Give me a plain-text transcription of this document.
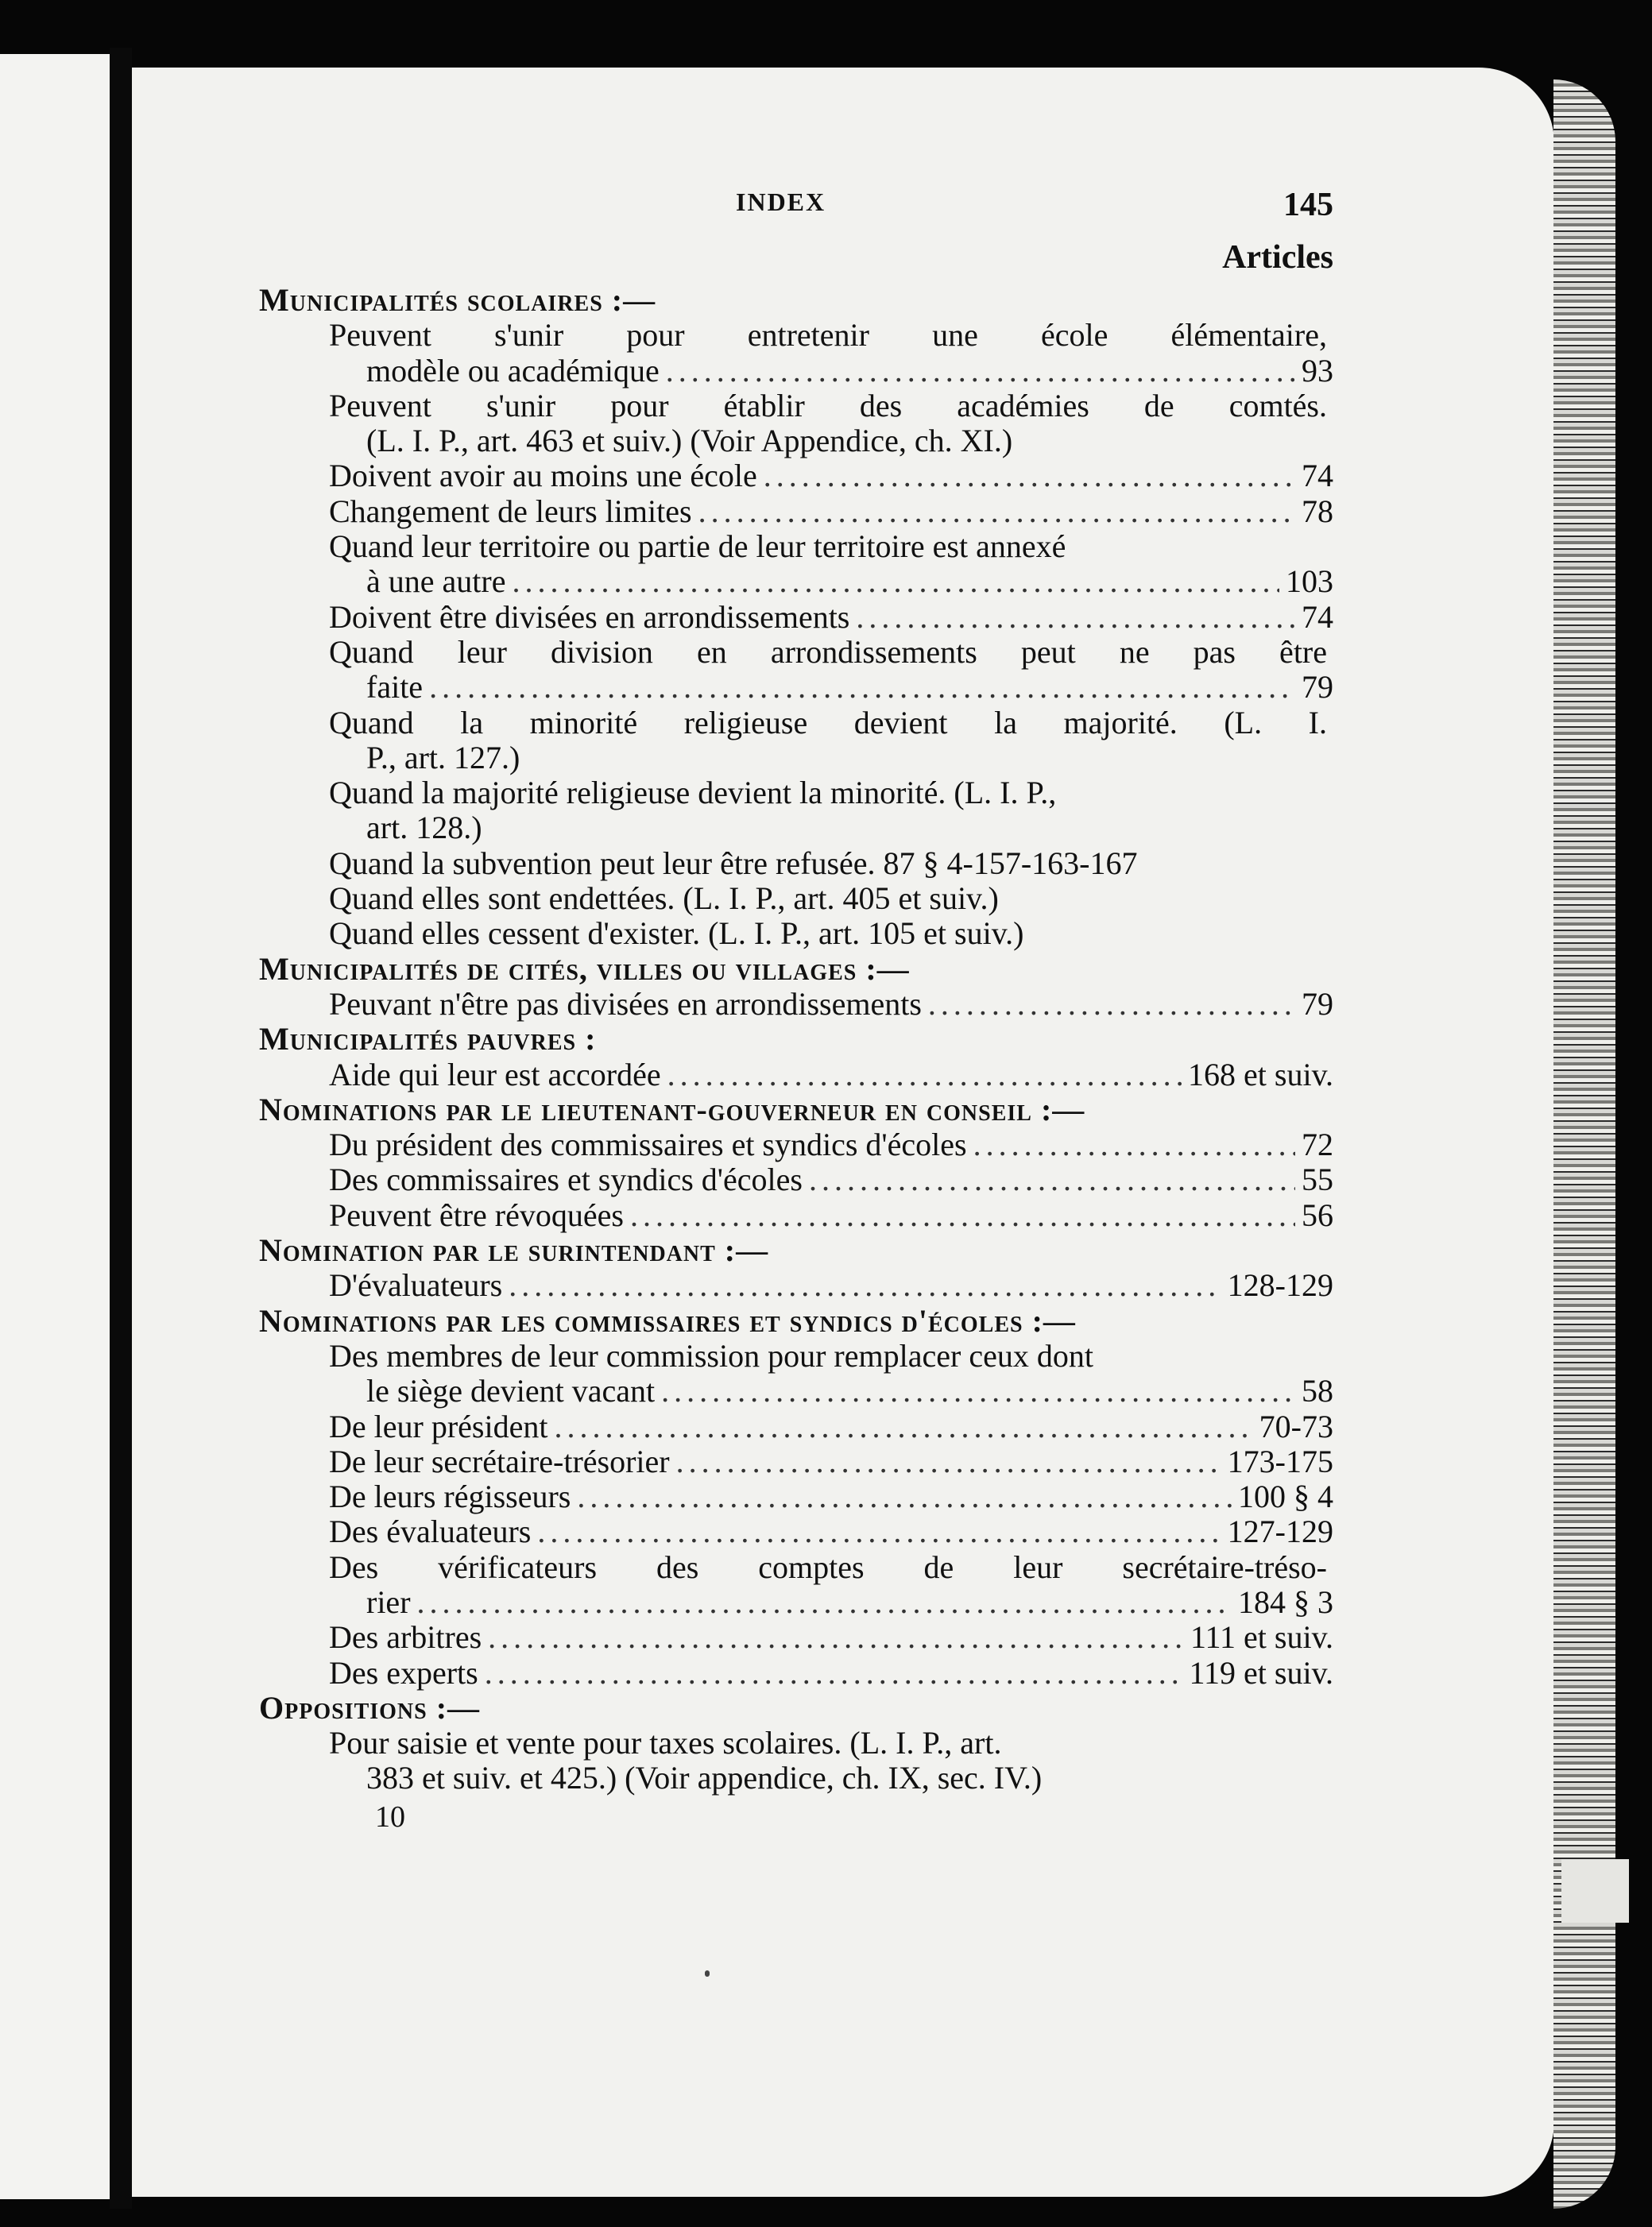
INDEX	145
Articles
Municipalités scolaires :—
Peuvent s'unir pour entretenir une école élémentaire,
modèle ou académique .....	93
Peuvent s'unir pour établir des académies de comtés.
(L. I. P., art. 463 et suiv.) (Voir Appendice, ch. XI.)
Doivent avoir au moins une école .....	74
Changement de leurs limites .....	78
Quand leur territoire ou partie de leur territoire est annexé
à une autre .....	103
Doivent être divisées en arrondissements .....	74
Quand leur division en arrondissements peut ne pas être
faite .....	79
Quand la minorité religieuse devient la majorité. (L. I.
P., art. 127.)
Quand la majorité religieuse devient la minorité. (L. I. P.,
art. 128.)
Quand la subvention peut leur être refusée. 87 § 4-157-163-167
Quand elles sont endettées. (L. I. P., art. 405 et suiv.)
Quand elles cessent d'exister. (L. I. P., art. 105 et suiv.)
Municipalités de cités, villes ou villages :—
Peuvant n'être pas divisées en arrondissements .....	79
Municipalités pauvres :
Aide qui leur est accordée .....	168 et suiv.
Nominations par le lieutenant-gouverneur en conseil :—
Du président des commissaires et syndics d'écoles .....	72
Des commissaires et syndics d'écoles .....	55
Peuvent être révoquées .....	56
Nomination par le surintendant :—
D'évaluateurs .....	128-129
Nominations par les commissaires et syndics d'écoles :—
Des membres de leur commission pour remplacer ceux dont
le siège devient vacant .....	58
De leur président .....	70-73
De leur secrétaire-trésorier .....	173-175
De leurs régisseurs .....	100 § 4
Des évaluateurs .....	127-129
Des vérificateurs des comptes de leur secrétaire-tréso-
rier .....	184 § 3
Des arbitres .....	111 et suiv.
Des experts .....	119 et suiv.
Oppositions :—
Pour saisie et vente pour taxes scolaires. (L. I. P., art.
383 et suiv. et 425.) (Voir appendice, ch. IX, sec. IV.)
10
